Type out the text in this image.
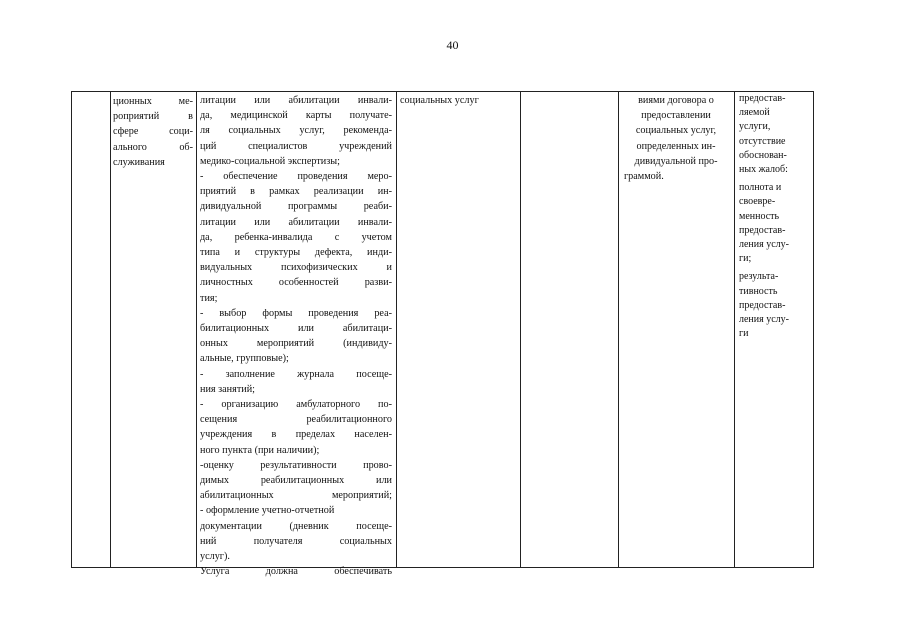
40
ционных ме-
роприятий в
сфере соци-
ального об-
служивания
литации или абилитации инвали-
да, медицинской карты получате-
ля социальных услуг, рекоменда-
ций специалистов учреждений
медико-социальной экспертизы;
- обеспечение проведения меро-
приятий в рамках реализации ин-
дивидуальной программы реаби-
литации или абилитации инвали-
да, ребенка-инвалида с учетом
типа и структуры дефекта, инди-
видуальных психофизических и
личностных особенностей разви-
тия;
- выбор формы проведения реа-
билитационных или абилитаци-
онных мероприятий (индивиду-
альные, групповые);
- заполнение журнала посеще-
ния занятий;
- организацию амбулаторного по-
сещения реабилитационного
учреждения в пределах населен-
ного пункта (при наличии);
-оценку результативности прово-
димых реабилитационных или
абилитационных мероприятий;
- оформление учетно-отчетной
документации (дневник посеще-
ний получателя социальных
услуг).
Услуга должна обеспечивать
социальных услуг	виями договора о
предоставлении
социальных услуг,
определенных ин-
дивидуальной про-
граммой.
предостав-
ляемой
услуги,
отсутствие
обоснован-
ных жалоб:
полнота и
своевре-
менность
предостав-
ления услу-
ги;
результа-
тивность
предостав-
ления услу-
ги
